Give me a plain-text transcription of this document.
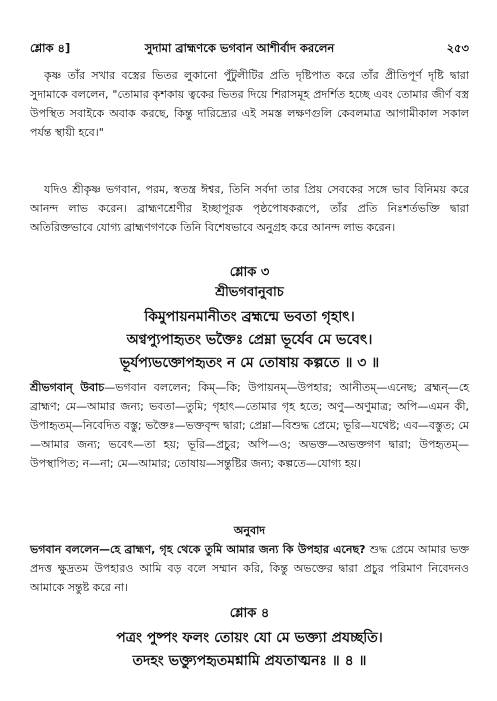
শ্লোক ৪]	সুদামা ব্রাহ্মণকে ভগবান আশীর্বাদ করলেন	২৫৩

কৃষ্ণ তাঁর সখার বস্ত্রের ভিতর লুকানো পুঁটুলীটির প্রতি দৃষ্টিপাত করে তাঁর প্রীতিপূর্ণ দৃষ্টি দ্বারা সুদামাকে বললেন, "তোমার কৃশকায় ত্বকের ভিতর দিয়ে শিরাসমূহ প্রদর্শিত হচ্ছে এবং তোমার জীর্ণ বস্ত্র উপস্থিত সবাইকে অবাক করছে, কিন্তু দারিদ্র্যের এই সমস্ত লক্ষণগুলি কেবলমাত্র আগামীকাল সকাল পর্যন্ত স্থায়ী হবে।"

যদিও শ্রীকৃষ্ণ ভগবান, পরম, স্বতন্ত্র ঈশ্বর, তিনি সর্বদা তার প্রিয় সেবকের সঙ্গে ভাব বিনিময় করে আনন্দ লাভ করেন। ব্রাহ্মণশ্রেণীর ইচ্ছাপূরক পৃষ্ঠপোষকরূপে, তাঁর প্রতি নিঃশর্তভক্তি দ্বারা অতিরিক্তভাবে যোগ্য ব্রাহ্মণগণকে তিনি বিশেষভাবে অনুগ্রহ করে আনন্দ লাভ করেন।

শ্লোক ৩

শ্রীভগবানুবাচ

কিমুপায়নমানীতং ব্রহ্মন্মে ভবতা গৃহাৎ।

অণ্বপ্যুপাহৃতং ভক্তৈঃ প্রেম্না ভূর্যেব মে ভবেৎ।

ভূর্যপ্যভক্তোপহৃতং ন মে তোষায় কল্পতে ॥ ৩ ॥

শ্রীভগবান্ উবাচ—ভগবান বললেন; কিম্—কি; উপায়নম্—উপহার; আনীতম্—এনেছ; ব্রহ্মন্—হে ব্রাহ্মণ; মে—আমার জন্য; ভবতা—তুমি; গৃহাৎ—তোমার গৃহ হতে; অণু—অণুমাত্র; অপি—এমন কী, উপাহৃতম্—নিবেদিত বস্তু; ভক্তৈঃ—ভক্তবৃন্দ দ্বারা; প্রেম্না—বিশুদ্ধ প্রেমে; ভূরি—যথেষ্ট; এব—বস্তুত; মে—আমার জন্য; ভবেৎ—তা হয়; ভূরি—প্রচুর; অপি—ও; অভক্ত—অভক্তগণ দ্বারা; উপহৃতম্—উপস্থাপিত; ন—না; মে—আমার; তোষায়—সন্তুষ্টির জন্য; কল্পতে—যোগ্য হয়।

অনুবাদ

ভগবান বললেন—হে ব্রাহ্মণ, গৃহ থেকে তুমি আমার জন্য কি উপহার এনেছ? শুদ্ধ প্রেমে আমার ভক্ত প্রদত্ত ক্ষুদ্রতম উপহারও আমি বড় বলে সম্মান করি, কিন্তু অভক্তের দ্বারা প্রচুর পরিমাণ নিবেদনও আমাকে সন্তুষ্ট করে না।

শ্লোক ৪

পত্রং পুষ্পং ফলং তোয়ং যো মে ভক্ত্যা প্রযচ্ছতি।

তদহং ভক্ত্যুপহৃতমশ্নামি প্রযতাত্মনঃ ॥ ৪ ॥
